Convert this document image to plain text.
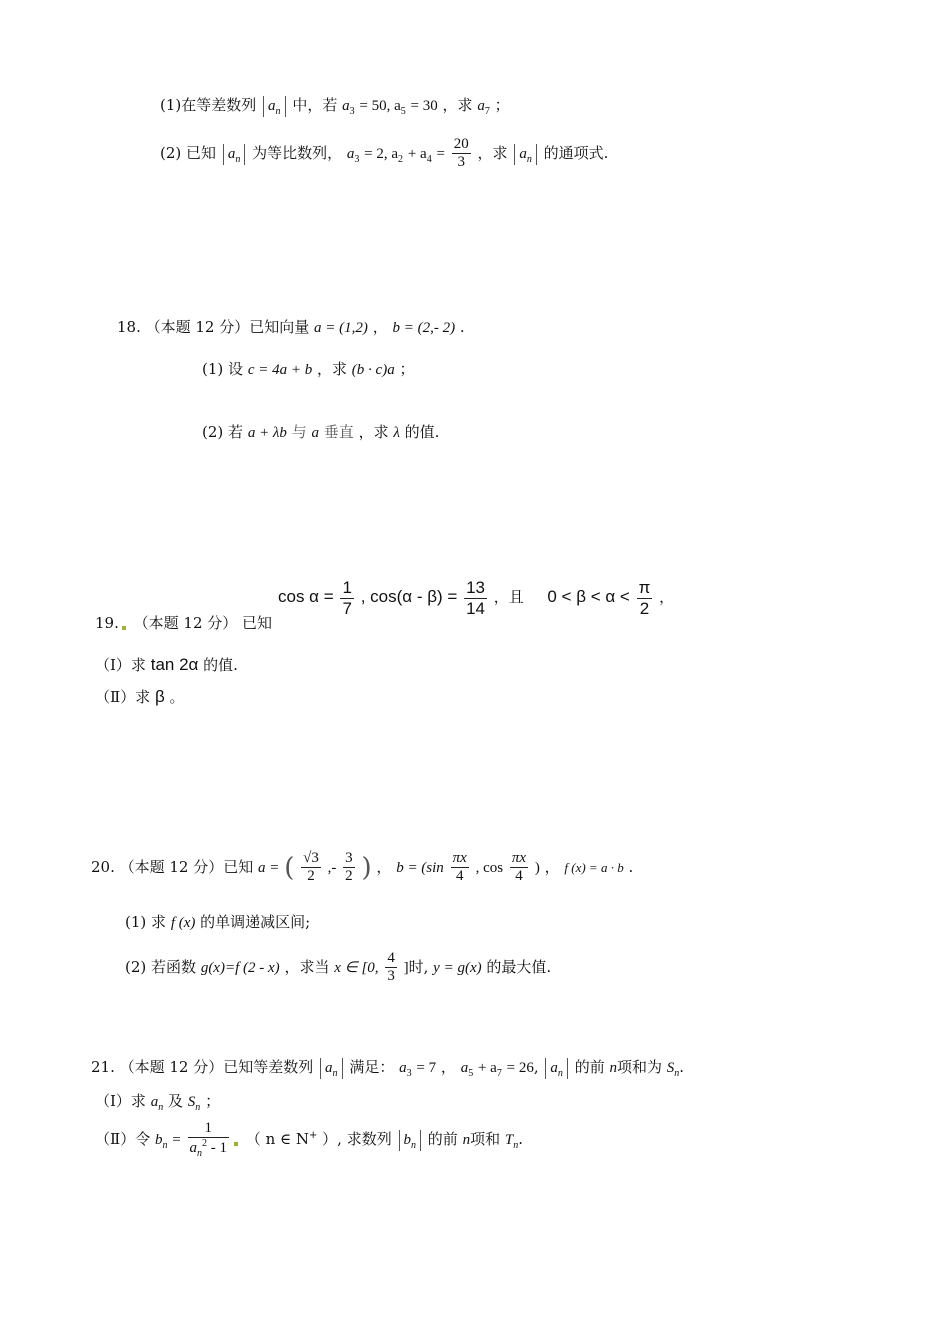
(1)在等差数列 $a_n$ 中，若 $a_3 = 50$, $a_5 = 30$ ，求 $a_7$ ；
(2) 已知 $a_n$ 为等比数列， $a_3 = 2$, $a_2 + a_4 = \frac{20}{3}$ ，求 $a_n$ 的通项式.
18. （本题 12 分）已知向量 a = (1,2) ， b = (2,- 2) .
(1) 设 c = 4a + b ，求 (b · c)a ；
(2) 若 a + λb 与 a 垂直 ，求 λ 的值.
19. （本题 12 分） 已知
$\cos \alpha = \frac{1}{7}$ , $\cos(\alpha - \beta) = \frac{13}{14}$ ，且 $0 < \beta < \alpha < \frac{\pi}{2}$ ，
（Ⅰ）求 tan 2α 的值.
（Ⅱ）求 β 。
20. （本题 12 分）已知 a = ( $\frac{√3}{2}$ ,- $\frac{3}{2}$ ) ， $b = (\sin \frac{\pi x}{4}$ , $\cos \frac{\pi x}{4}$ ) ， f (x) = a · b .
(1) 求 f (x) 的单调递减区间;
(2) 若函数 g(x)=f (2 - x) ，求当 x ∈ [0, $\frac{4}{3}$ ]时, y = g(x) 的最大值.
21. （本题 12 分）已知等差数列 $a_n$ 满足： $a_3 = 7$ ， $a_5 + a_7 = 26$, $a_n$ 的前 n项和为 $S_n$.
（Ⅰ）求 $a_n$ 及 $S_n$ ；
（Ⅱ）令 $b_n = \frac{1}{a_n^2 - 1}$ （ n ∈ N+ ）, 求数列 $b_n$ 的前 n项和 $T_n$.
